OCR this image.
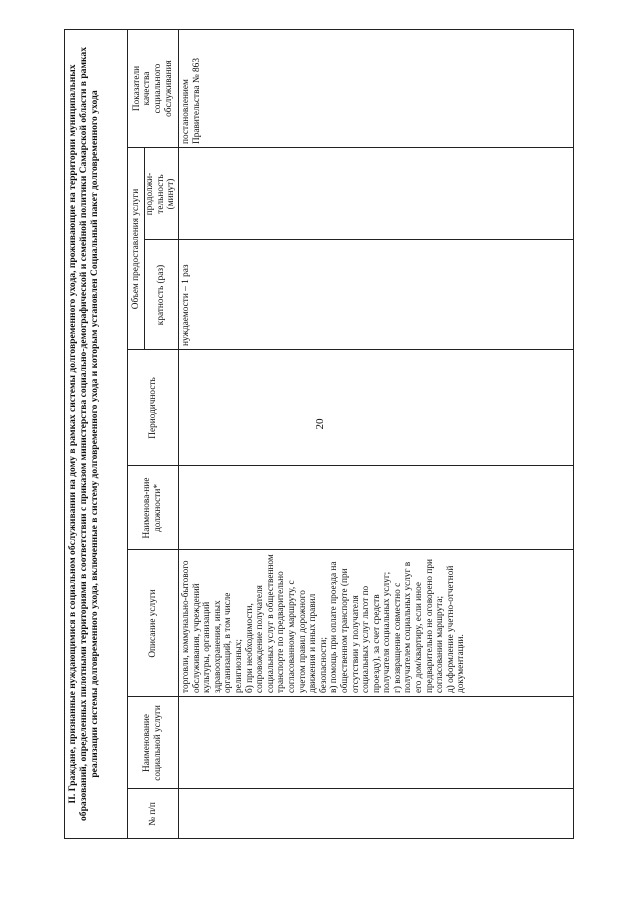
20
II. Граждане, признанные нуждающимися в социальном обслуживании на дому в рамках системы долговременного ухода, проживающие на территории муниципальных образований, определенных пилотными территориями в соответствии с приказом министерства социально-демографической и семейной политики Самарской области в рамках реализации системы долговременного ухода, включенные в систему долговременного ухода и которым установлен Социальный пакет долговременного ухода
№ п/п
Наименование социальной услуги
Описание услуги
Наименова-ние должности*
Периодичность
Объем предоставления услуги	кратность (раз)
продолжи-тельность (минут)
Показатели качества социального обслуживания
торговли, коммунально-бытового обслуживания, учреждений культуры, организаций здравоохранения, иных организаций, в том числе религиозных;
б) при необходимости, сопровождение получателя социальных услуг в общественном транспорте по предварительно согласованному маршруту, с учетом правил дорожного движения и иных правил безопасности;
в) помощь при оплате проезда на общественном транспорте (при отсутствии у получателя социальных услуг льгот по проезду), за счет средств получателя социальных услуг;
г) возвращение совместно с получателем социальных услуг в его дом/квартиру, если иное предварительно не оговорено при согласовании маршрута;
д) оформление учетно-отчетной документации.
нуждаемости – 1 раз
постановлением Правительства № 863
